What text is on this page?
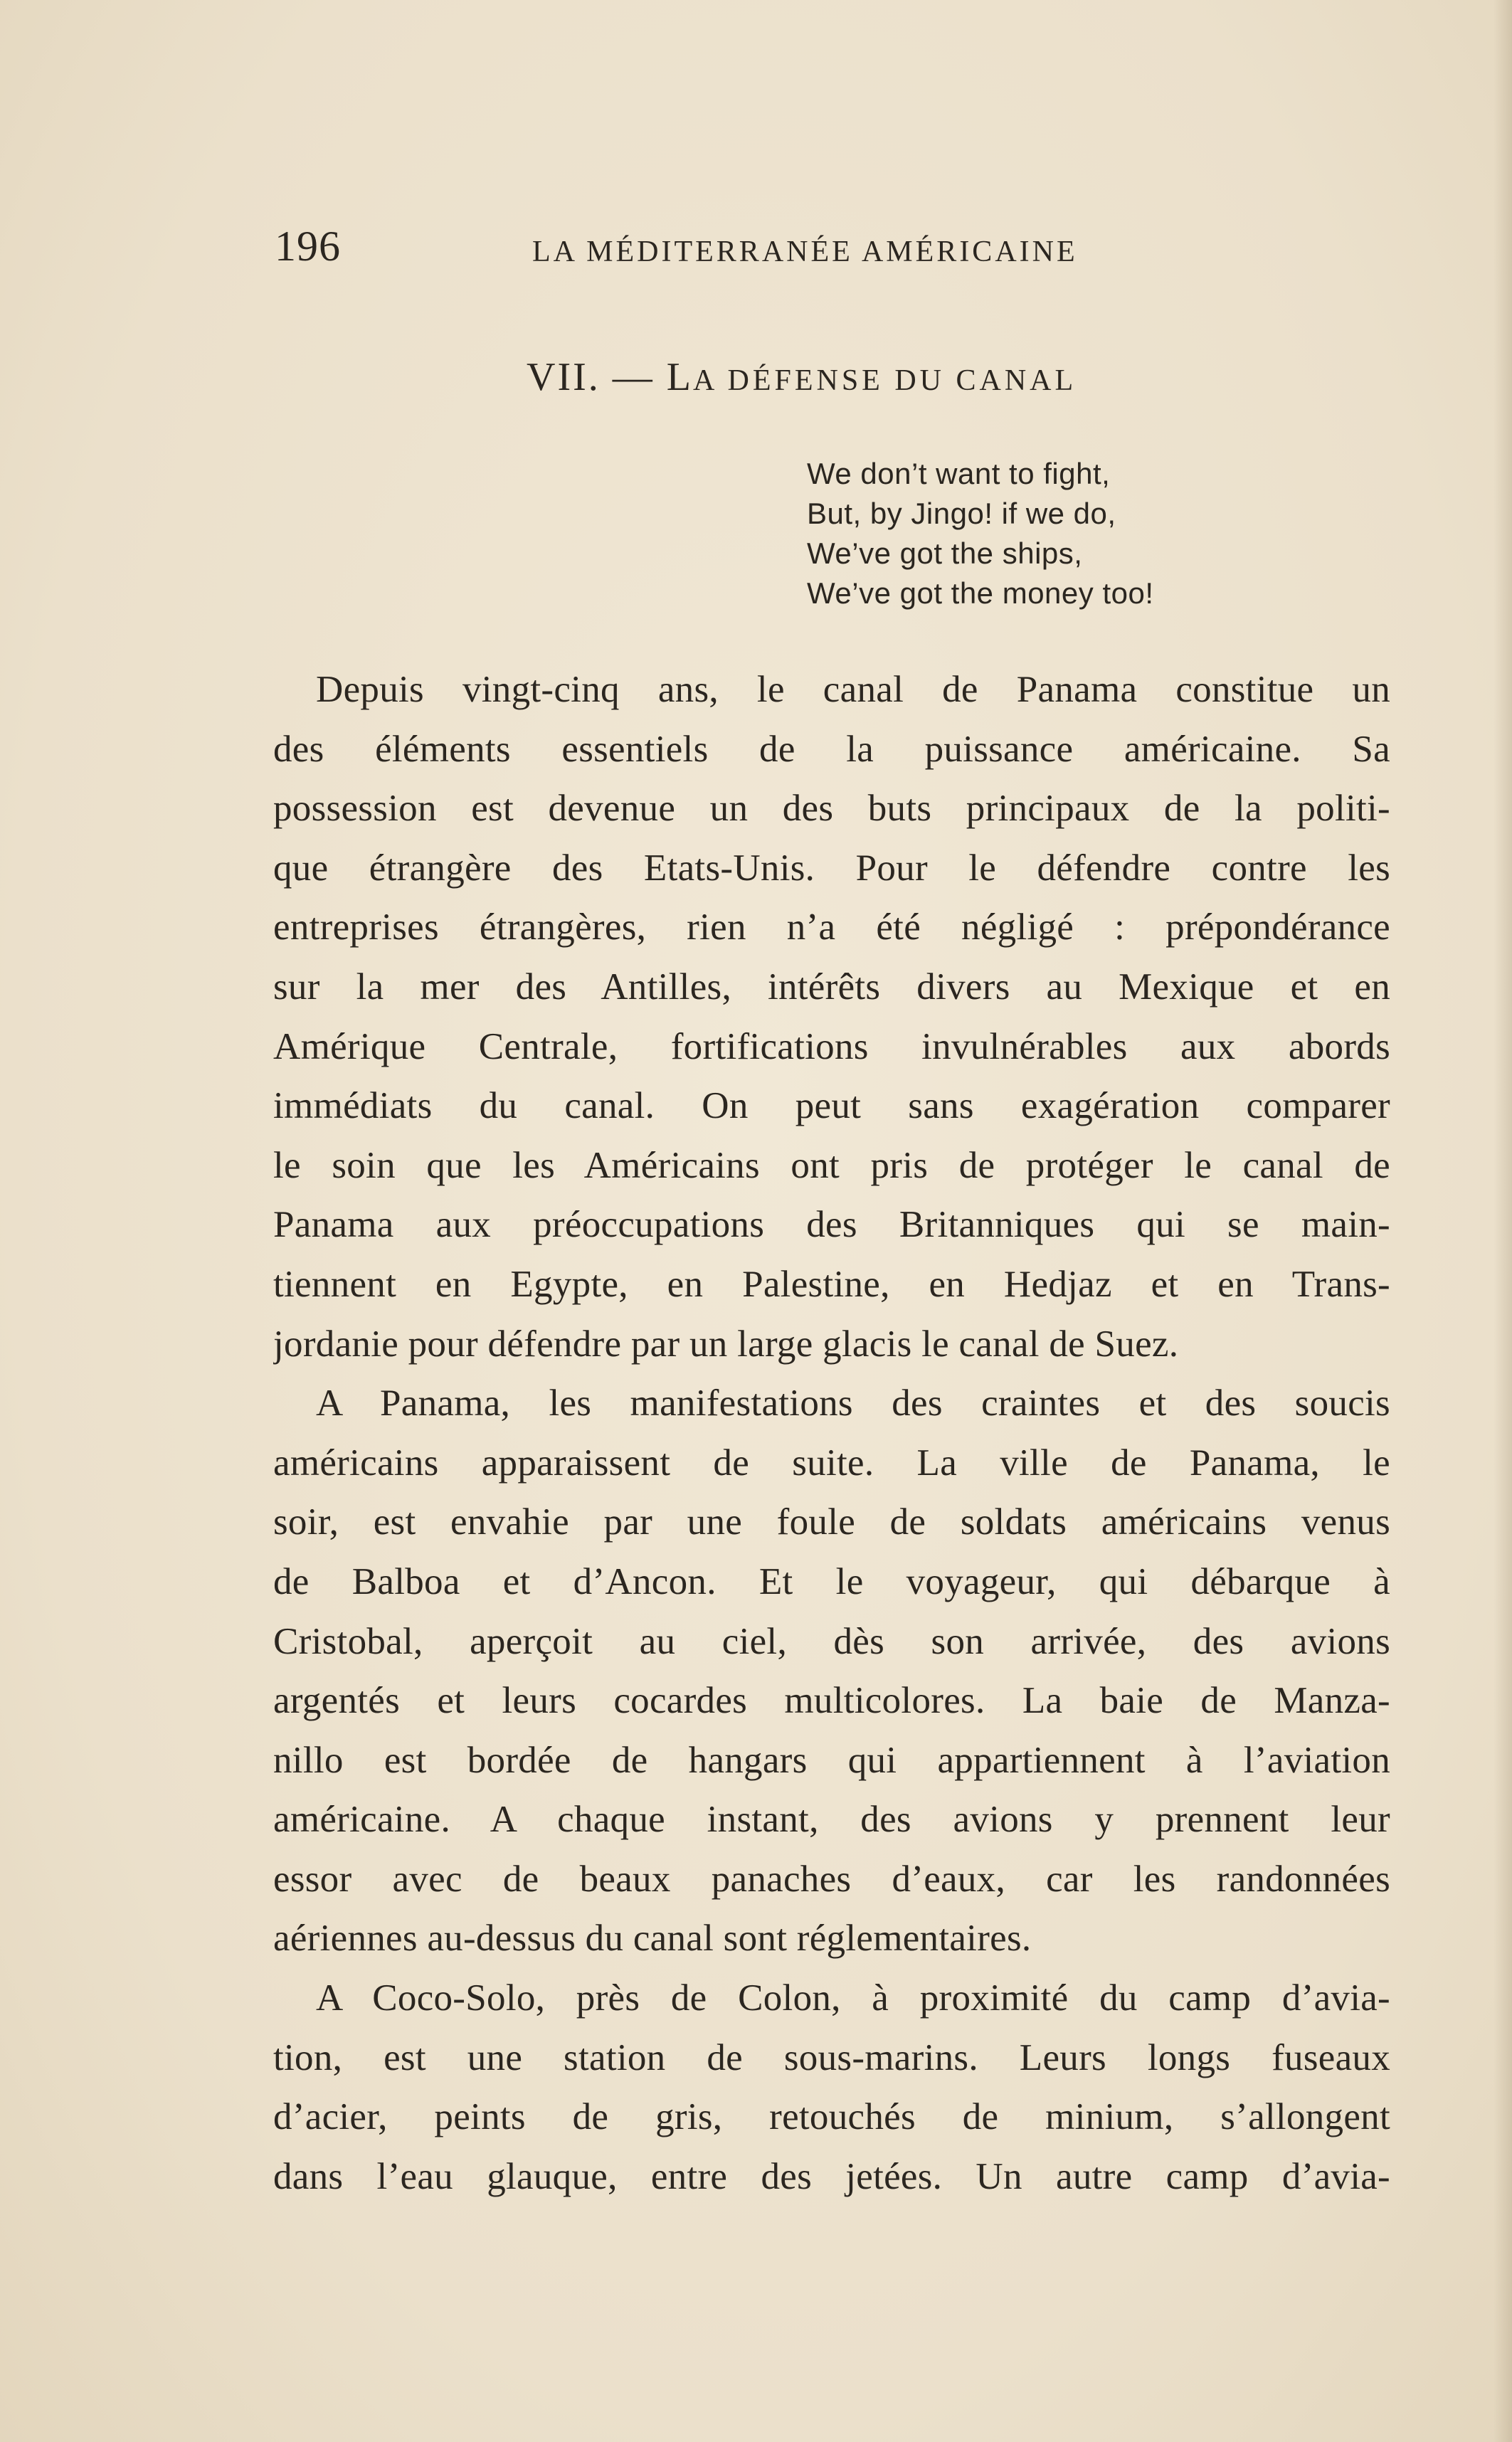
196	LA MÉDITERRANÉE AMÉRICAINE
VII. — LA DÉFENSE DU CANAL
We don’t want to fight,
But, by Jingo! if we do,
We’ve got the ships,
We’ve got the money too!
Depuis vingt-cinq ans, le canal de Panama constitue un
des éléments essentiels de la puissance américaine. Sa
possession est devenue un des buts principaux de la politi-
que étrangère des Etats-Unis. Pour le défendre contre les
entreprises étrangères, rien n’a été négligé : prépondérance
sur la mer des Antilles, intérêts divers au Mexique et en
Amérique Centrale, fortifications invulnérables aux abords
immédiats du canal. On peut sans exagération comparer
le soin que les Américains ont pris de protéger le canal de
Panama aux préoccupations des Britanniques qui se main-
tiennent en Egypte, en Palestine, en Hedjaz et en Trans-
jordanie pour défendre par un large glacis le canal de Suez.
A Panama, les manifestations des craintes et des soucis
américains apparaissent de suite. La ville de Panama, le
soir, est envahie par une foule de soldats américains venus
de Balboa et d’Ancon. Et le voyageur, qui débarque à
Cristobal, aperçoit au ciel, dès son arrivée, des avions
argentés et leurs cocardes multicolores. La baie de Manza-
nillo est bordée de hangars qui appartiennent à l’aviation
américaine. A chaque instant, des avions y prennent leur
essor avec de beaux panaches d’eaux, car les randonnées
aériennes au-dessus du canal sont réglementaires.
A Coco-Solo, près de Colon, à proximité du camp d’avia-
tion, est une station de sous-marins. Leurs longs fuseaux
d’acier, peints de gris, retouchés de minium, s’allongent
dans l’eau glauque, entre des jetées. Un autre camp d’avia-
